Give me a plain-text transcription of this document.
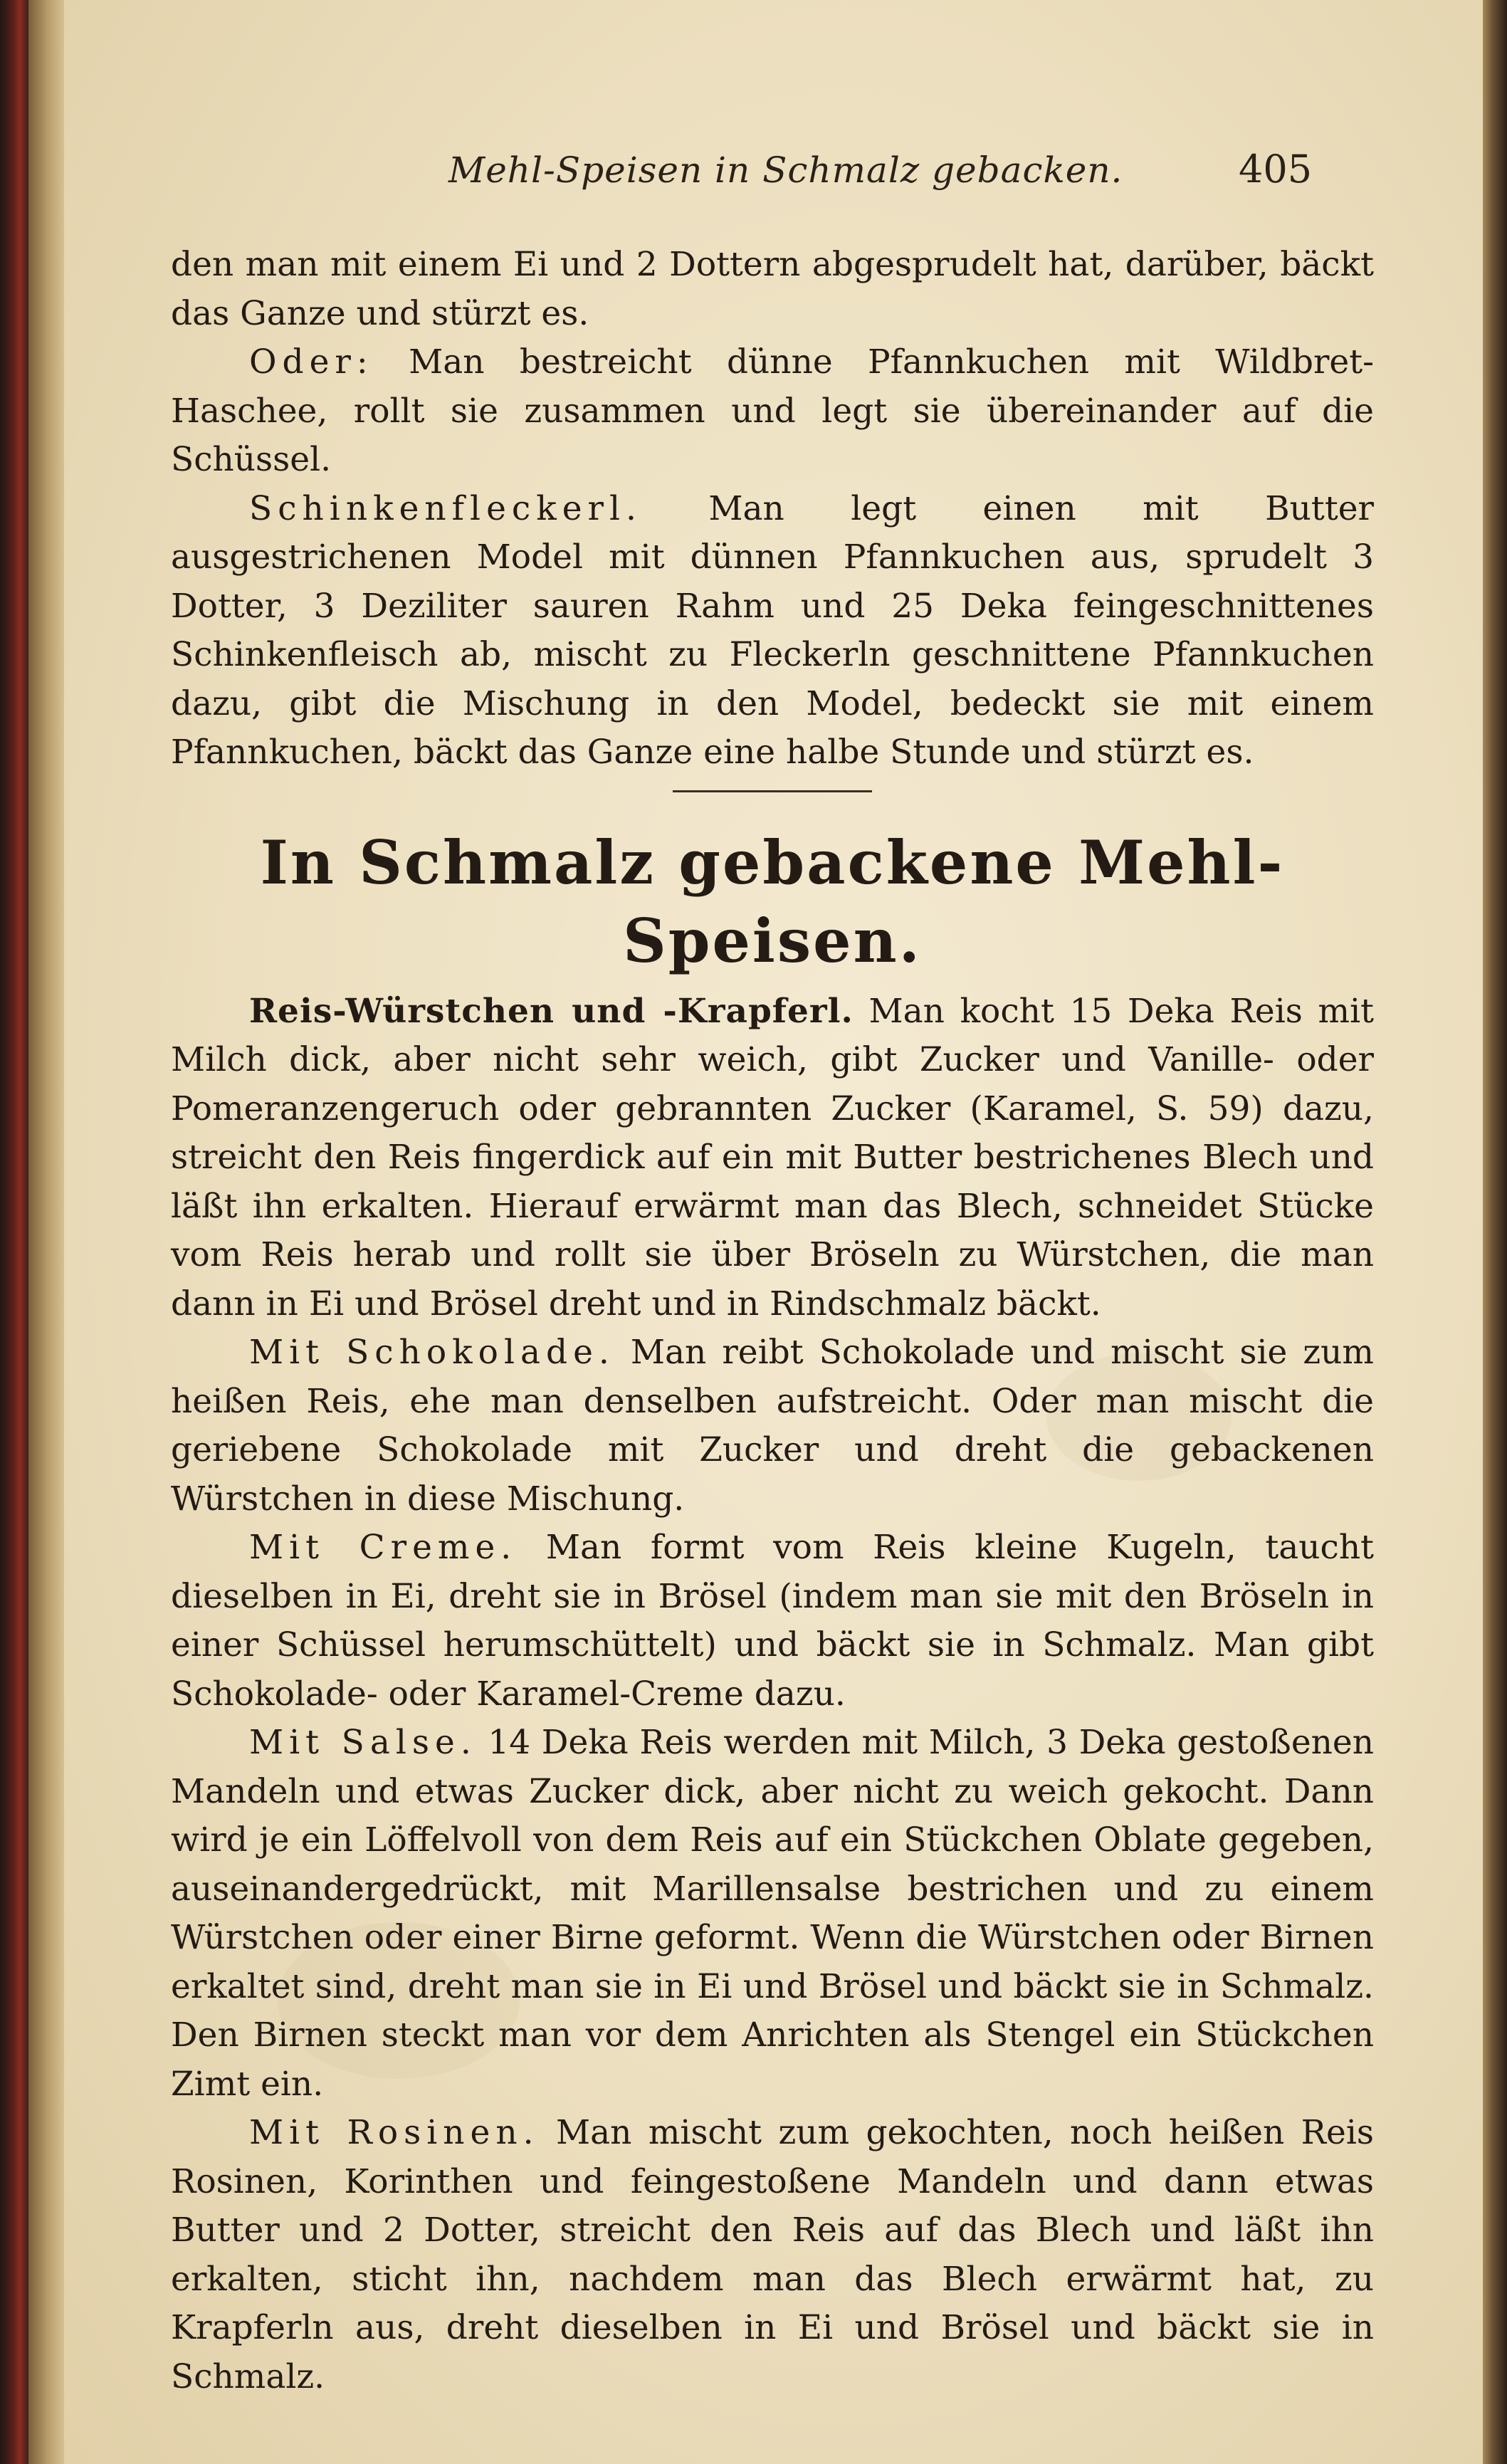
Mehl-Speisen in Schmalz gebacken.	405

den man mit einem Ei und 2 Dottern abgesprudelt hat, darüber, bäckt das Ganze und stürzt es.

Oder: Man bestreicht dünne Pfannkuchen mit Wildbret-Haschee, rollt sie zusammen und legt sie übereinander auf die Schüssel.

Schinkenfleckerl. Man legt einen mit Butter ausgestrichenen Model mit dünnen Pfannkuchen aus, sprudelt 3 Dotter, 3 Deziliter sauren Rahm und 25 Deka feingeschnittenes Schinkenfleisch ab, mischt zu Fleckerln geschnittene Pfannkuchen dazu, gibt die Mischung in den Model, bedeckt sie mit einem Pfannkuchen, bäckt das Ganze eine halbe Stunde und stürzt es.

In Schmalz gebackene Mehl-Speisen.

Reis-Würstchen und -Krapferl. Man kocht 15 Deka Reis mit Milch dick, aber nicht sehr weich, gibt Zucker und Vanille- oder Pomeranzengeruch oder gebrannten Zucker (Karamel, S. 59) dazu, streicht den Reis fingerdick auf ein mit Butter bestrichenes Blech und läßt ihn erkalten. Hierauf erwärmt man das Blech, schneidet Stücke vom Reis herab und rollt sie über Bröseln zu Würstchen, die man dann in Ei und Brösel dreht und in Rindschmalz bäckt.

Mit Schokolade. Man reibt Schokolade und mischt sie zum heißen Reis, ehe man denselben aufstreicht. Oder man mischt die geriebene Schokolade mit Zucker und dreht die gebackenen Würstchen in diese Mischung.

Mit Creme. Man formt vom Reis kleine Kugeln, taucht dieselben in Ei, dreht sie in Brösel (indem man sie mit den Bröseln in einer Schüssel herumschüttelt) und bäckt sie in Schmalz. Man gibt Schokolade- oder Karamel-Creme dazu.

Mit Salse. 14 Deka Reis werden mit Milch, 3 Deka gestoßenen Mandeln und etwas Zucker dick, aber nicht zu weich gekocht. Dann wird je ein Löffelvoll von dem Reis auf ein Stückchen Oblate gegeben, auseinandergedrückt, mit Marillensalse bestrichen und zu einem Würstchen oder einer Birne geformt. Wenn die Würstchen oder Birnen erkaltet sind, dreht man sie in Ei und Brösel und bäckt sie in Schmalz. Den Birnen steckt man vor dem Anrichten als Stengel ein Stückchen Zimt ein.

Mit Rosinen. Man mischt zum gekochten, noch heißen Reis Rosinen, Korinthen und feingestoßene Mandeln und dann etwas Butter und 2 Dotter, streicht den Reis auf das Blech und läßt ihn erkalten, sticht ihn, nachdem man das Blech erwärmt hat, zu Krapferln aus, dreht dieselben in Ei und Brösel und bäckt sie in Schmalz.
